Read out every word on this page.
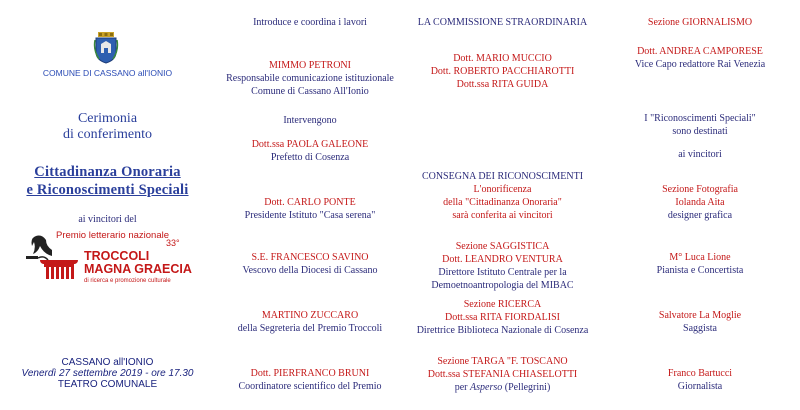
COMUNE DI CASSANO all'IONIO
Cerimonia
di conferimento
Cittadinanza Onoraria
e Riconoscimenti Speciali
ai vincitori del
Premio letterario nazionale
33°
TROCCOLI
MAGNA GRAECIA
di ricerca e promozione culturale
CASSANO all'IONIO
Venerdì 27 settembre 2019 - ore 17.30
TEATRO COMUNALE
Introduce e coordina i lavori
MIMMO PETRONI
Responsabile comunicazione istituzionale
Comune di Cassano All'Ionio
Intervengono
Dott.ssa PAOLA GALEONE
Prefetto di Cosenza
Dott. CARLO PONTE
Presidente Istituto "Casa serena"
S.E. FRANCESCO SAVINO
Vescovo della Diocesi di Cassano
MARTINO ZUCCARO
della Segreteria del Premio Troccoli
Dott. PIERFRANCO BRUNI
Coordinatore scientifico del Premio
LA COMMISSIONE STRAORDINARIA
Dott. MARIO MUCCIO
Dott. ROBERTO PACCHIAROTTI
Dott.ssa RITA GUIDA
CONSEGNA DEI RICONOSCIMENTI
L'onorificenza
della "Cittadinanza Onoraria"
sarà conferita ai vincitori
Sezione SAGGISTICA
Dott. LEANDRO VENTURA
Direttore Istituto Centrale per la
Demoetnoantropologia del MIBAC
Sezione RICERCA
Dott.ssa RITA FIORDALISI
Direttrice Biblioteca Nazionale di Cosenza
Sezione TARGA "F. TOSCANO
Dott.ssa STEFANIA CHIASELOTTI
per Asperso (Pellegrini)
Sezione GIORNALISMO
Dott. ANDREA CAMPORESE
Vice Capo redattore Rai Venezia
I "Riconoscimenti Speciali"
sono destinati
ai vincitori
Sezione Fotografia
Iolanda Aita
designer grafica
M° Luca Lione
Pianista e Concertista
Salvatore La Moglie
Saggista
Franco Bartucci
Giornalista
